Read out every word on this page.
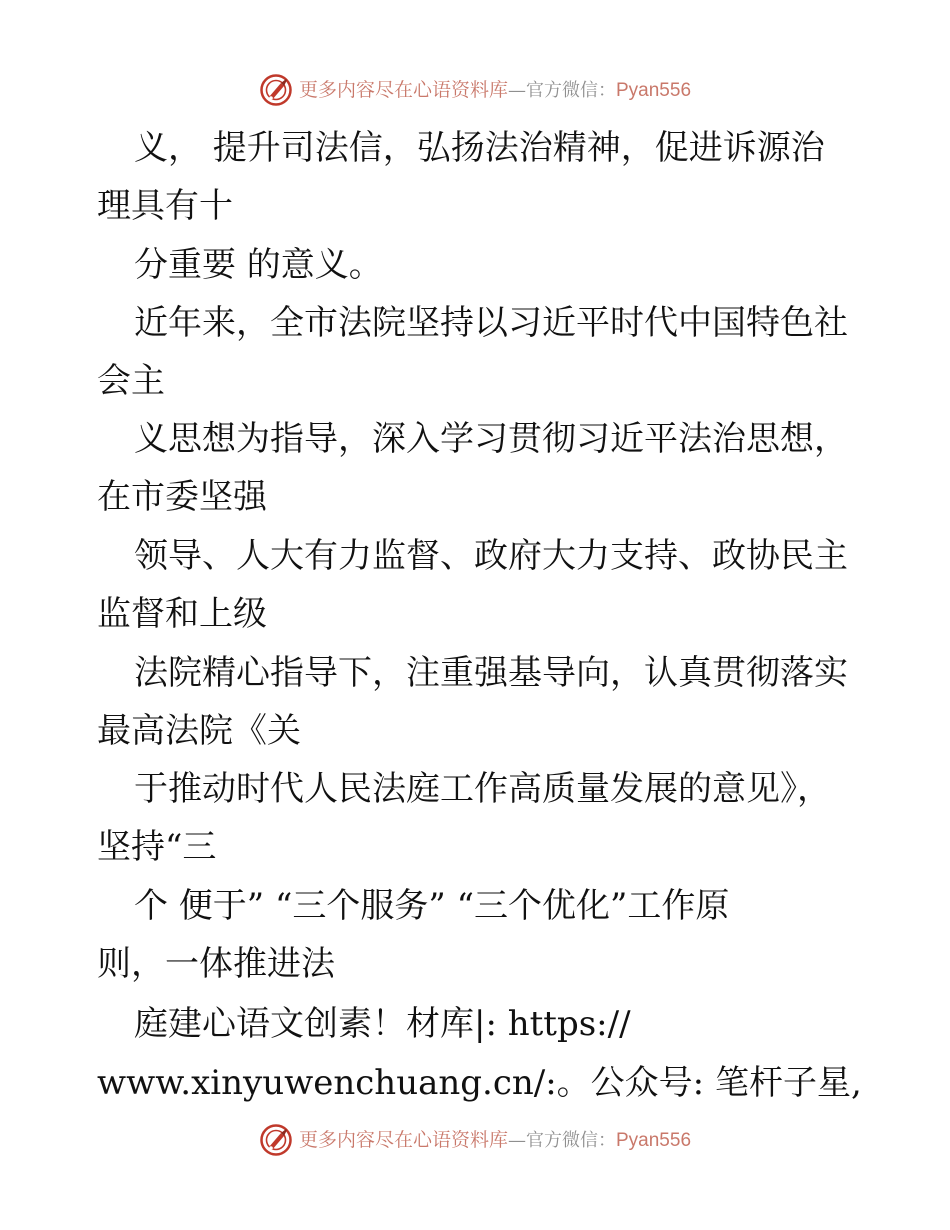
更多内容尽在心语资料库 — 官方微信： Pyan556
义， 提升司法信，弘扬法治精神，促进诉源治
理具有十
分重要 的意义。
近年来，全市法院坚持以习近平时代中国特色社
会主
义思想为指导，深入学习贯彻习近平法治思想，
在市委坚强
领导、人大有力监督、政府大力支持、政协民主
监督和上级
法院精心指导下，注重强基导向，认真贯彻落实
最高法院《关
于推动时代人民法庭工作高质量发展的意见》，
坚持“三
个 便于” “三个服务” “三个优化”工作原
则，一体推进法
庭建心语文创素！材库|: https://
www.xinyuwenchuang.cn/:。公众号: 笔杆子星,
更多内容尽在心语资料库 — 官方微信： Pyan556
